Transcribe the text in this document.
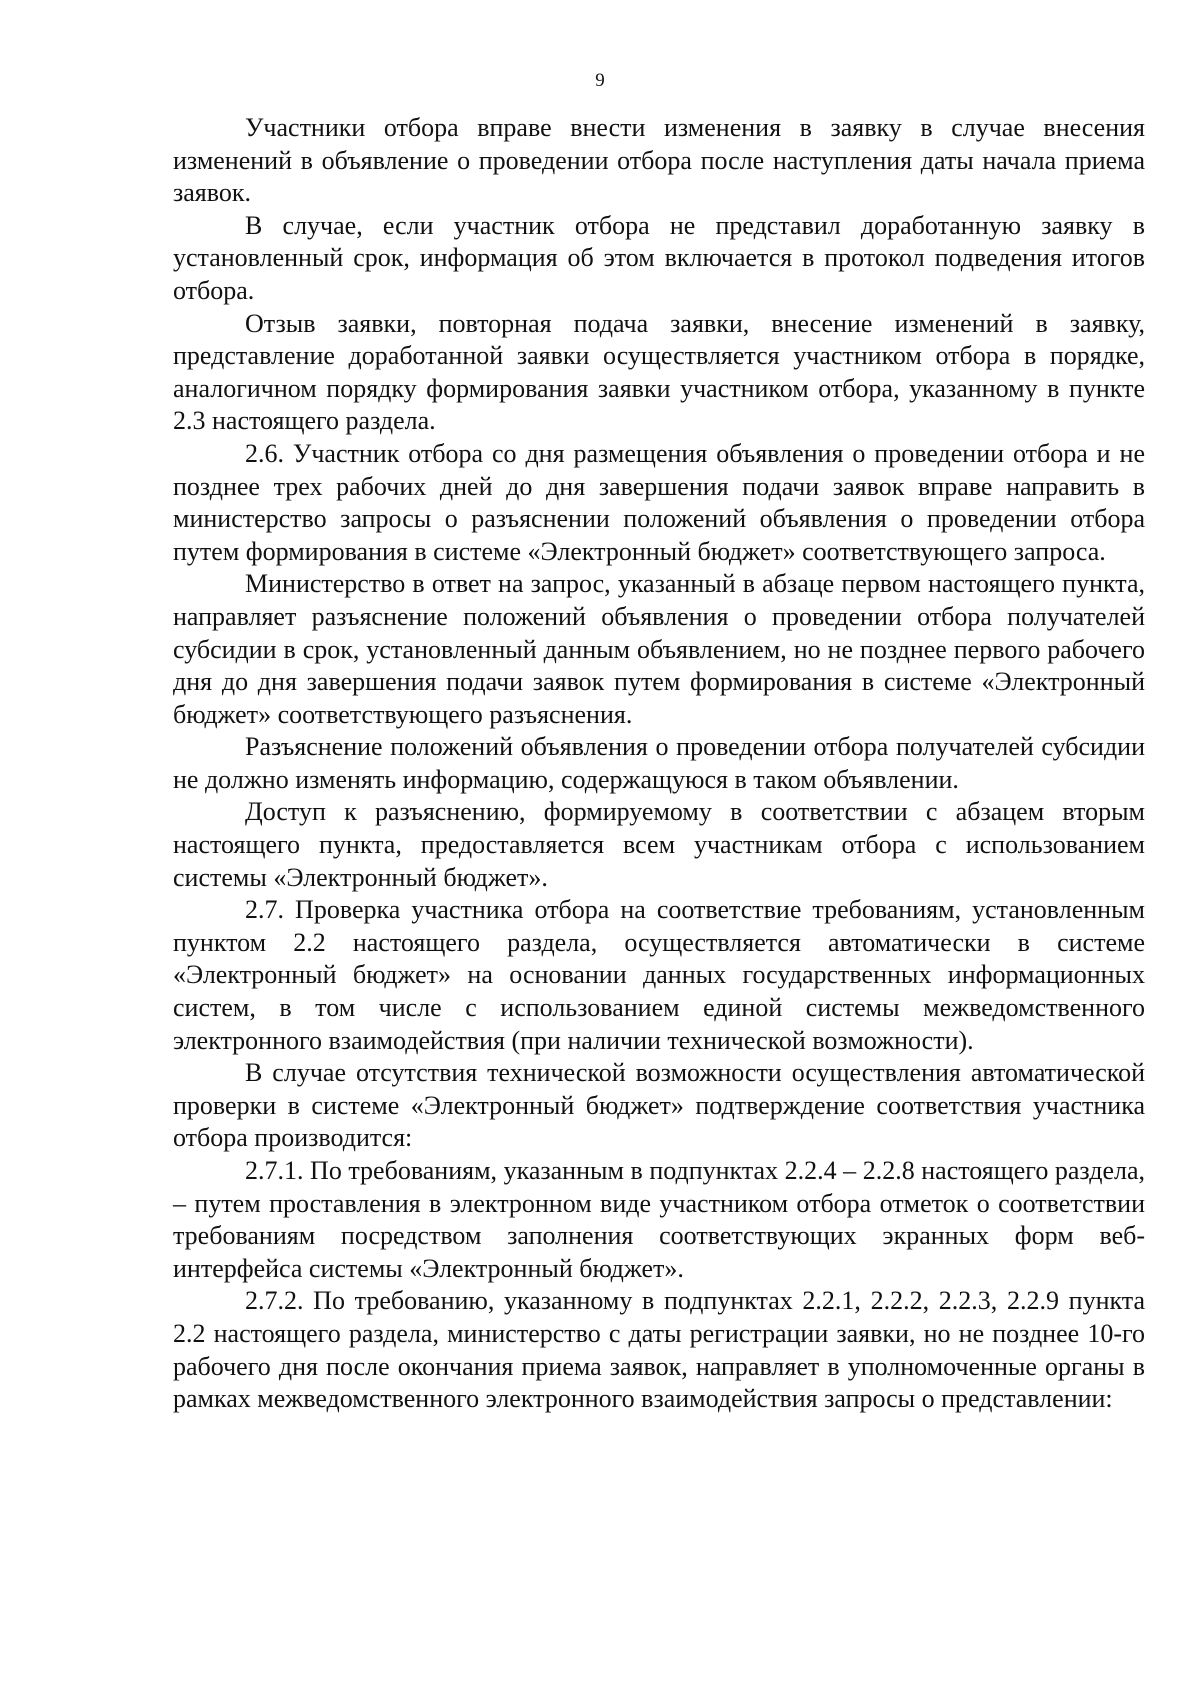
9

Участники отбора вправе внести изменения в заявку в случае внесения изменений в объявление о проведении отбора после наступления даты начала приема заявок.

В случае, если участник отбора не представил доработанную заявку в установленный срок, информация об этом включается в протокол подведения итогов отбора.

Отзыв заявки, повторная подача заявки, внесение изменений в заявку, представление доработанной заявки осуществляется участником отбора в порядке, аналогичном порядку формирования заявки участником отбора, указанному в пункте 2.3 настоящего раздела.

2.6. Участник отбора со дня размещения объявления о проведении отбора и не позднее трех рабочих дней до дня завершения подачи заявок вправе направить в министерство запросы о разъяснении положений объявления о проведении отбора путем формирования в системе «Электронный бюджет» соответствующего запроса.

Министерство в ответ на запрос, указанный в абзаце первом настоящего пункта, направляет разъяснение положений объявления о проведении отбора получателей субсидии в срок, установленный данным объявлением, но не позднее первого рабочего дня до дня завершения подачи заявок путем формирования в системе «Электронный бюджет» соответствующего разъяснения.

Разъяснение положений объявления о проведении отбора получателей субсидии не должно изменять информацию, содержащуюся в таком объявлении.

Доступ к разъяснению, формируемому в соответствии с абзацем вторым настоящего пункта, предоставляется всем участникам отбора с использованием системы «Электронный бюджет».

2.7. Проверка участника отбора на соответствие требованиям, установленным пунктом 2.2 настоящего раздела, осуществляется автоматически в системе «Электронный бюджет» на основании данных государственных информационных систем, в том числе с использованием единой системы межведомственного электронного взаимодействия (при наличии технической возможности).

В случае отсутствия технической возможности осуществления автоматической проверки в системе «Электронный бюджет» подтверждение соответствия участника отбора производится:

2.7.1. По требованиям, указанным в подпунктах 2.2.4 – 2.2.8 настоящего раздела, – путем проставления в электронном виде участником отбора отметок о соответствии требованиям посредством заполнения соответствующих экранных форм веб-интерфейса системы «Электронный бюджет».

2.7.2. По требованию, указанному в подпунктах 2.2.1, 2.2.2, 2.2.3, 2.2.9 пункта 2.2 настоящего раздела, министерство с даты регистрации заявки, но не позднее 10-го рабочего дня после окончания приема заявок, направляет в уполномоченные органы в рамках межведомственного электронного взаимодействия запросы о представлении:
